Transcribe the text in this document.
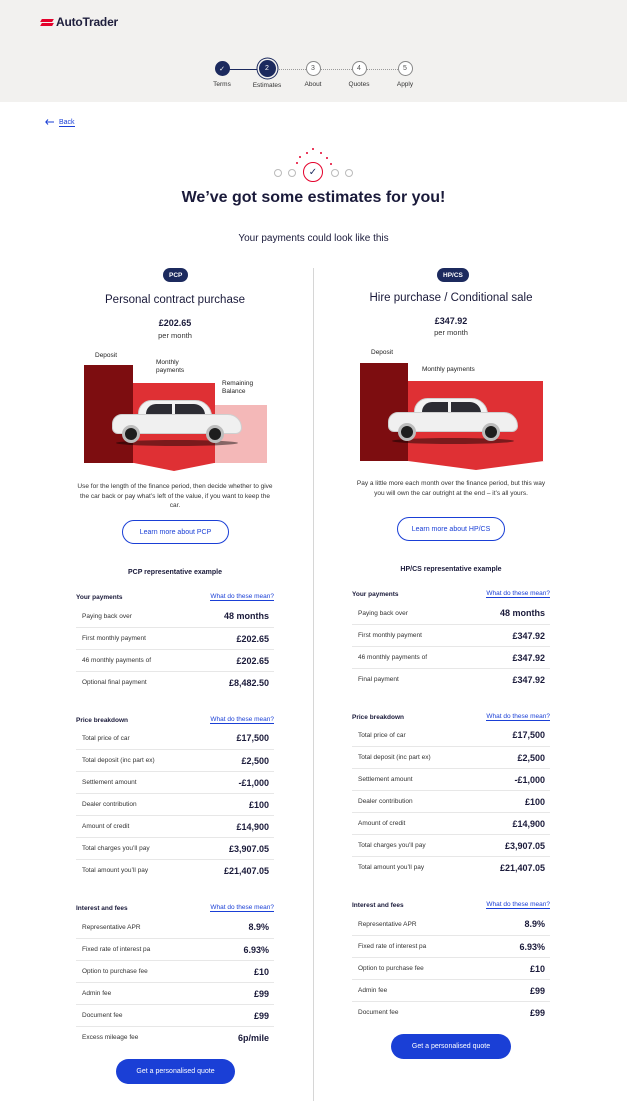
AutoTrader
✓
Terms
2
Estimates
3
About
4
Quotes
5
Apply
Back
✓
We’ve got some estimates for you!
Your payments could look like this
PCP
Personal contract purchase
£202.65
per month
Deposit
Monthly payments
Remaining Balance
Use for the length of the finance period, then decide whether to give the car back or pay what’s left of the value, if you want to keep the car.
Learn more about PCP
PCP representative example
Your payments	What do these mean?
Paying back over	48 months
First monthly payment	£202.65
46 monthly payments of	£202.65
Optional final payment	£8,482.50
Price breakdown	What do these mean?
Total price of car	£17,500
Total deposit (inc part ex)	£2,500
Settlement amount	-£1,000
Dealer contribution	£100
Amount of credit	£14,900
Total charges you’ll pay	£3,907.05
Total amount you’ll pay	£21,407.05
Interest and fees	What do these mean?
Representative APR	8.9%
Fixed rate of interest pa	6.93%
Option to purchase fee	£10
Admin fee	£99
Document fee	£99
Excess mileage fee	6p/mile
Get a personalised quote
HP/CS
Hire purchase / Conditional sale
£347.92
per month
Deposit
Monthly payments
Pay a little more each month over the finance period, but this way you will own the car outright at the end – it’s all yours.
Learn more about HP/CS
HP/CS representative example
Your payments	What do these mean?
Paying back over	48 months
First monthly payment	£347.92
46 monthly payments of	£347.92
Final payment	£347.92
Price breakdown	What do these mean?
Total price of car	£17,500
Total deposit (inc part ex)	£2,500
Settlement amount	-£1,000
Dealer contribution	£100
Amount of credit	£14,900
Total charges you’ll pay	£3,907.05
Total amount you’ll pay	£21,407.05
Interest and fees	What do these mean?
Representative APR	8.9%
Fixed rate of interest pa	6.93%
Option to purchase fee	£10
Admin fee	£99
Document fee	£99
Get a personalised quote
